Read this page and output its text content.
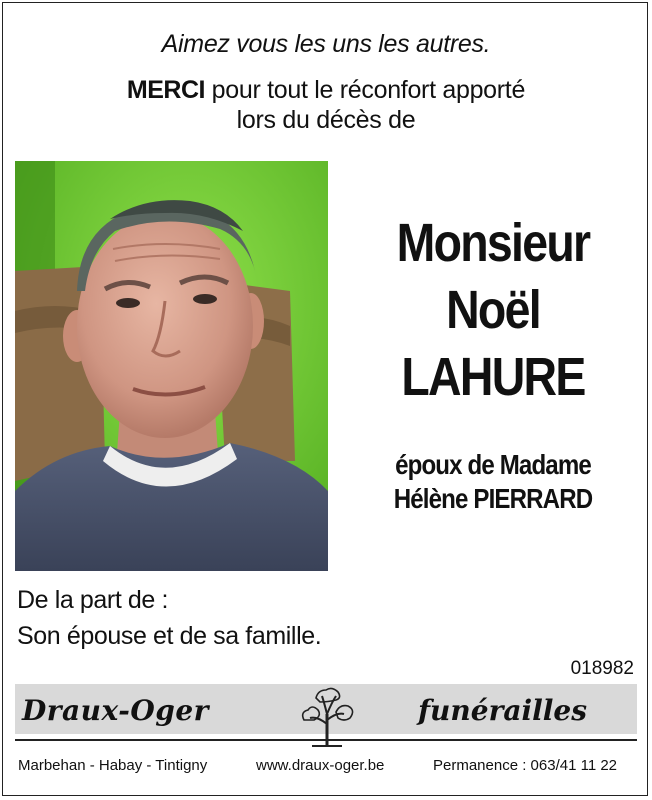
Aimez vous les uns les autres.
MERCI pour tout le réconfort apporté
lors du décès de
Monsieur
Noël
LAHURE
époux de Madame
Hélène PIERRARD
De la part de :
Son épouse et de sa famille.
018982
Draux-Oger	funérailles
Marbehan - Habay - Tintigny	www.draux-oger.be	Permanence : 063/41 11 22
